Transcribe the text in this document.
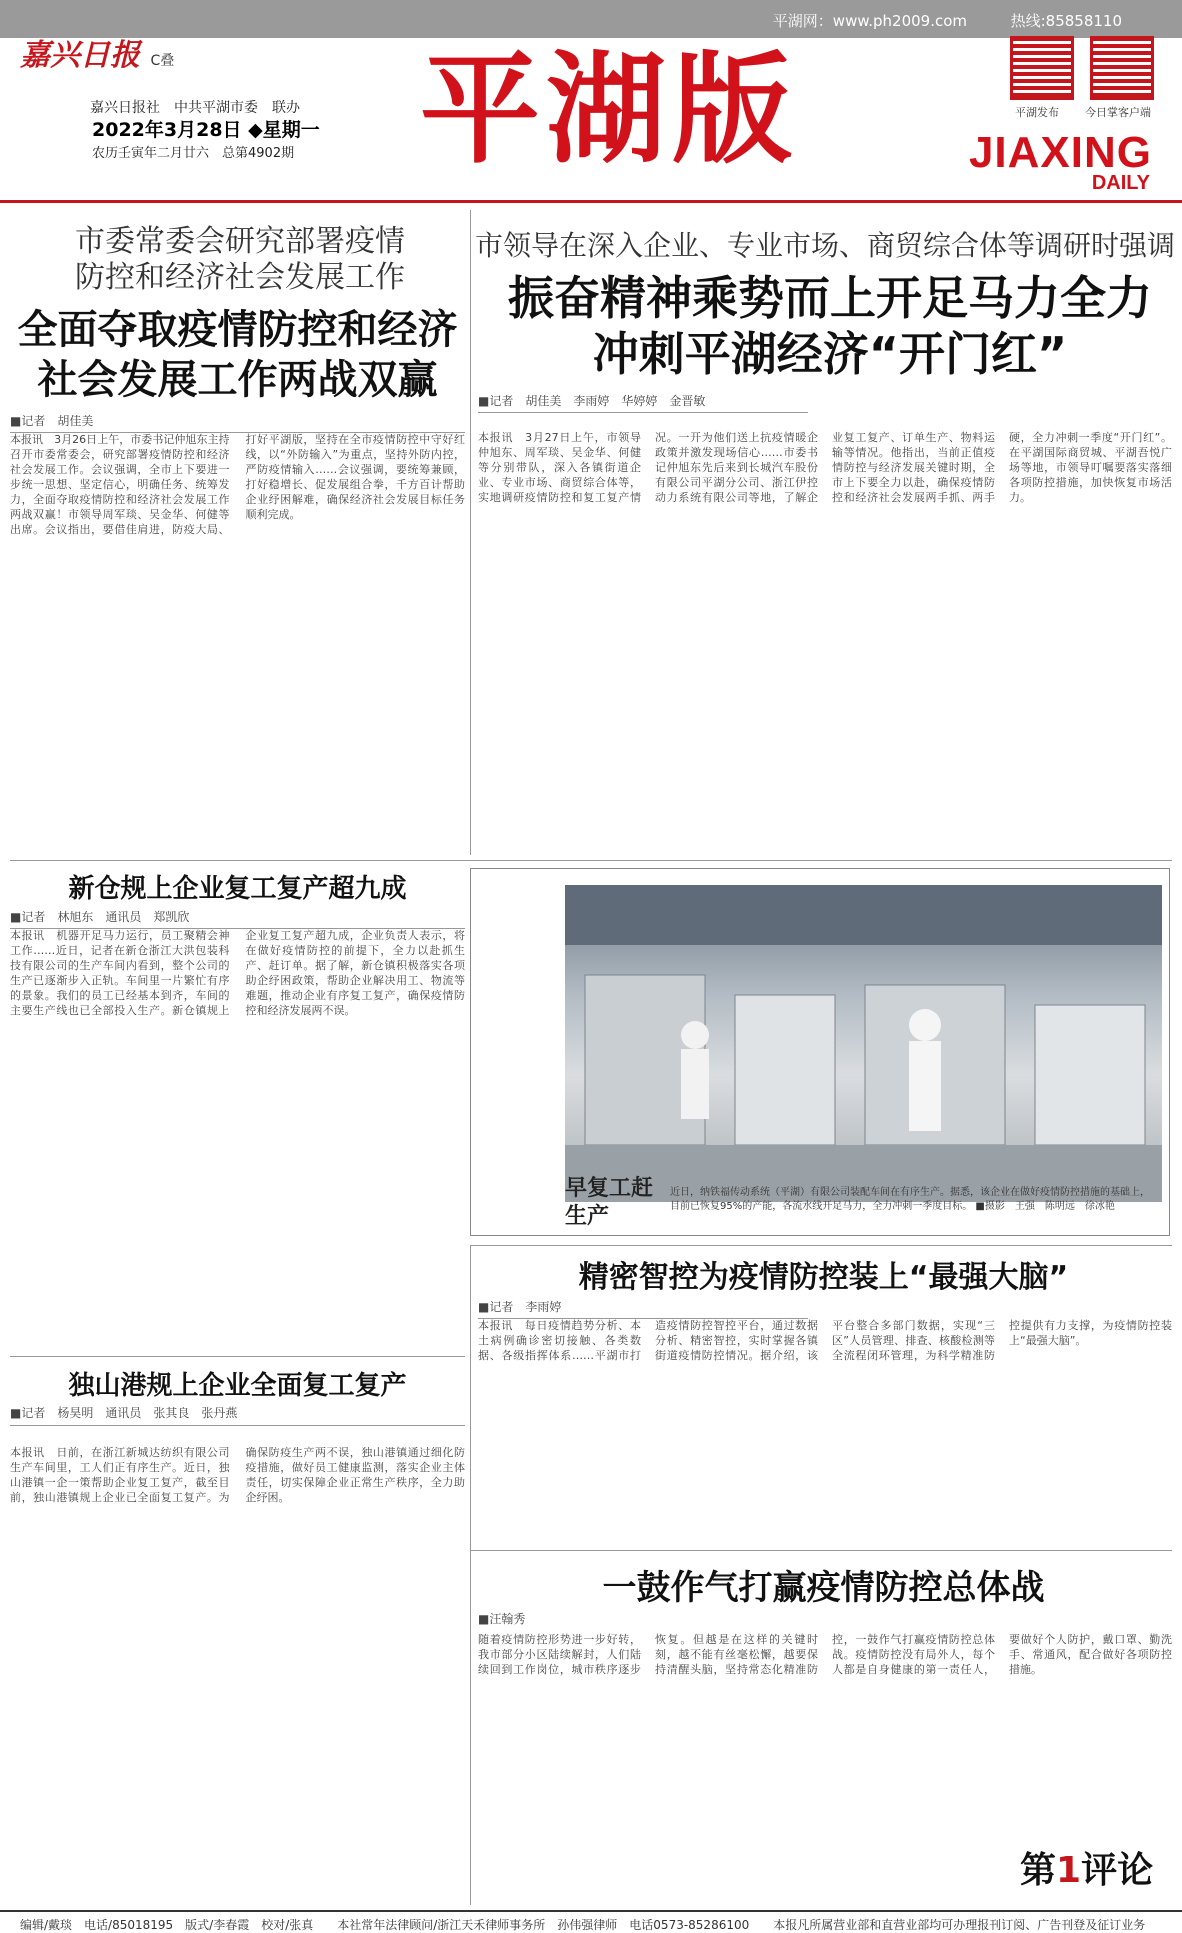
平湖网：www.ph2009.com	热线:85858110
嘉兴日报 C叠
嘉兴日报社　中共平湖市委　联办
2022年3月28日 ◆星期一
农历壬寅年二月廿六　总第4902期 平湖版	平湖发布 今日掌客户端
JIAXING
DAILY
市委常委会研究部署疫情防控和经济社会发展工作
全面夺取疫情防控和经济社会发展工作两战双赢
■记者　胡佳美
本报讯　3月26日上午，市委书记仲旭东主持召开市委常委会，研究部署疫情防控和经济社会发展工作。会议强调，全市上下要进一步统一思想、坚定信心，明确任务、统筹发力，全面夺取疫情防控和经济社会发展工作两战双赢！市领导周军琰、吴金华、何健等出席。会议指出，要借佳肩进，防疫大局、打好平湖版，坚持在全市疫情防控中守好红线，以“外防输入”为重点，坚持外防内控，严防疫情输入……会议强调，要统筹兼顾，打好稳增长、促发展组合拳，千方百计帮助企业纾困解难，确保经济社会发展目标任务顺利完成。
市领导在深入企业、专业市场、商贸综合体等调研时强调
振奋精神乘势而上开足马力全力冲刺平湖经济“开门红”
■记者　胡佳美　李雨婷　华婷婷　金晋敏
本报讯　3月27日上午，市领导仲旭东、周军琰、吴金华、何健等分别带队，深入各镇街道企业、专业市场、商贸综合体等，实地调研疫情防控和复工复产情况。一开为他们送上抗疫情暖企政策并激发现场信心……市委书记仲旭东先后来到长城汽车股份有限公司平湖分公司、浙江伊控动力系统有限公司等地，了解企业复工复产、订单生产、物料运输等情况。他指出，当前正值疫情防控与经济发展关键时期，全市上下要全力以赴，确保疫情防控和经济社会发展两手抓、两手硬，全力冲刺一季度“开门红”。在平湖国际商贸城、平湖吾悦广场等地，市领导叮嘱要落实落细各项防控措施，加快恢复市场活力。
新仓规上企业复工复产超九成
■记者　林旭东　通讯员　郑凯欣
本报讯　机器开足马力运行，员工聚精会神工作……近日，记者在新仓浙江大洪包装科技有限公司的生产车间内看到，整个公司的生产已逐渐步入正轨。车间里一片繁忙有序的景象。我们的员工已经基本到齐，车间的主要生产线也已全部投入生产。新仓镇规上企业复工复产超九成，企业负责人表示，将在做好疫情防控的前提下，全力以赴抓生产、赶订单。据了解，新仓镇积极落实各项助企纾困政策，帮助企业解决用工、物流等难题，推动企业有序复工复产，确保疫情防控和经济发展两不误。
早复工赶生产
近日，纳铁福传动系统（平湖）有限公司装配车间在有序生产。据悉，该企业在做好疫情防控措施的基础上，目前已恢复95%的产能，各流水线开足马力，全力冲刺一季度目标。 ■摄影　王强　陈明远　徐冰艳
精密智控为疫情防控装上“最强大脑”
■记者　李雨婷
本报讯　每日疫情趋势分析、本土病例确诊密切接触、各类数据、各级指挥体系……平湖市打造疫情防控智控平台，通过数据分析、精密智控，实时掌握各镇街道疫情防控情况。据介绍，该平台整合多部门数据，实现“三区”人员管理、排查、核酸检测等全流程闭环管理，为科学精准防控提供有力支撑，为疫情防控装上“最强大脑”。
独山港规上企业全面复工复产
■记者　杨昊明　通讯员　张其良　张丹燕
本报讯　日前，在浙江新城达纺织有限公司生产车间里，工人们正有序生产。近日，独山港镇一企一策帮助企业复工复产，截至目前，独山港镇规上企业已全面复工复产。为确保防疫生产两不误，独山港镇通过细化防疫措施，做好员工健康监测，落实企业主体责任，切实保障企业正常生产秩序，全力助企纾困。
一鼓作气打赢疫情防控总体战
■汪翰秀
随着疫情防控形势进一步好转，我市部分小区陆续解封，人们陆续回到工作岗位，城市秩序逐步恢复。但越是在这样的关键时刻，越不能有丝毫松懈，越要保持清醒头脑，坚持常态化精准防控，一鼓作气打赢疫情防控总体战。疫情防控没有局外人，每个人都是自身健康的第一责任人，要做好个人防护，戴口罩、勤洗手、常通风，配合做好各项防控措施。
第1评论
编辑/戴琰　电话/85018195　版式/李春霞　校对/张真　　本社常年法律顾问/浙江天禾律师事务所　孙伟强律师　电话0573-85286100　　本报凡所属营业部和直营业部均可办理报刊订阅、广告刊登及征订业务
